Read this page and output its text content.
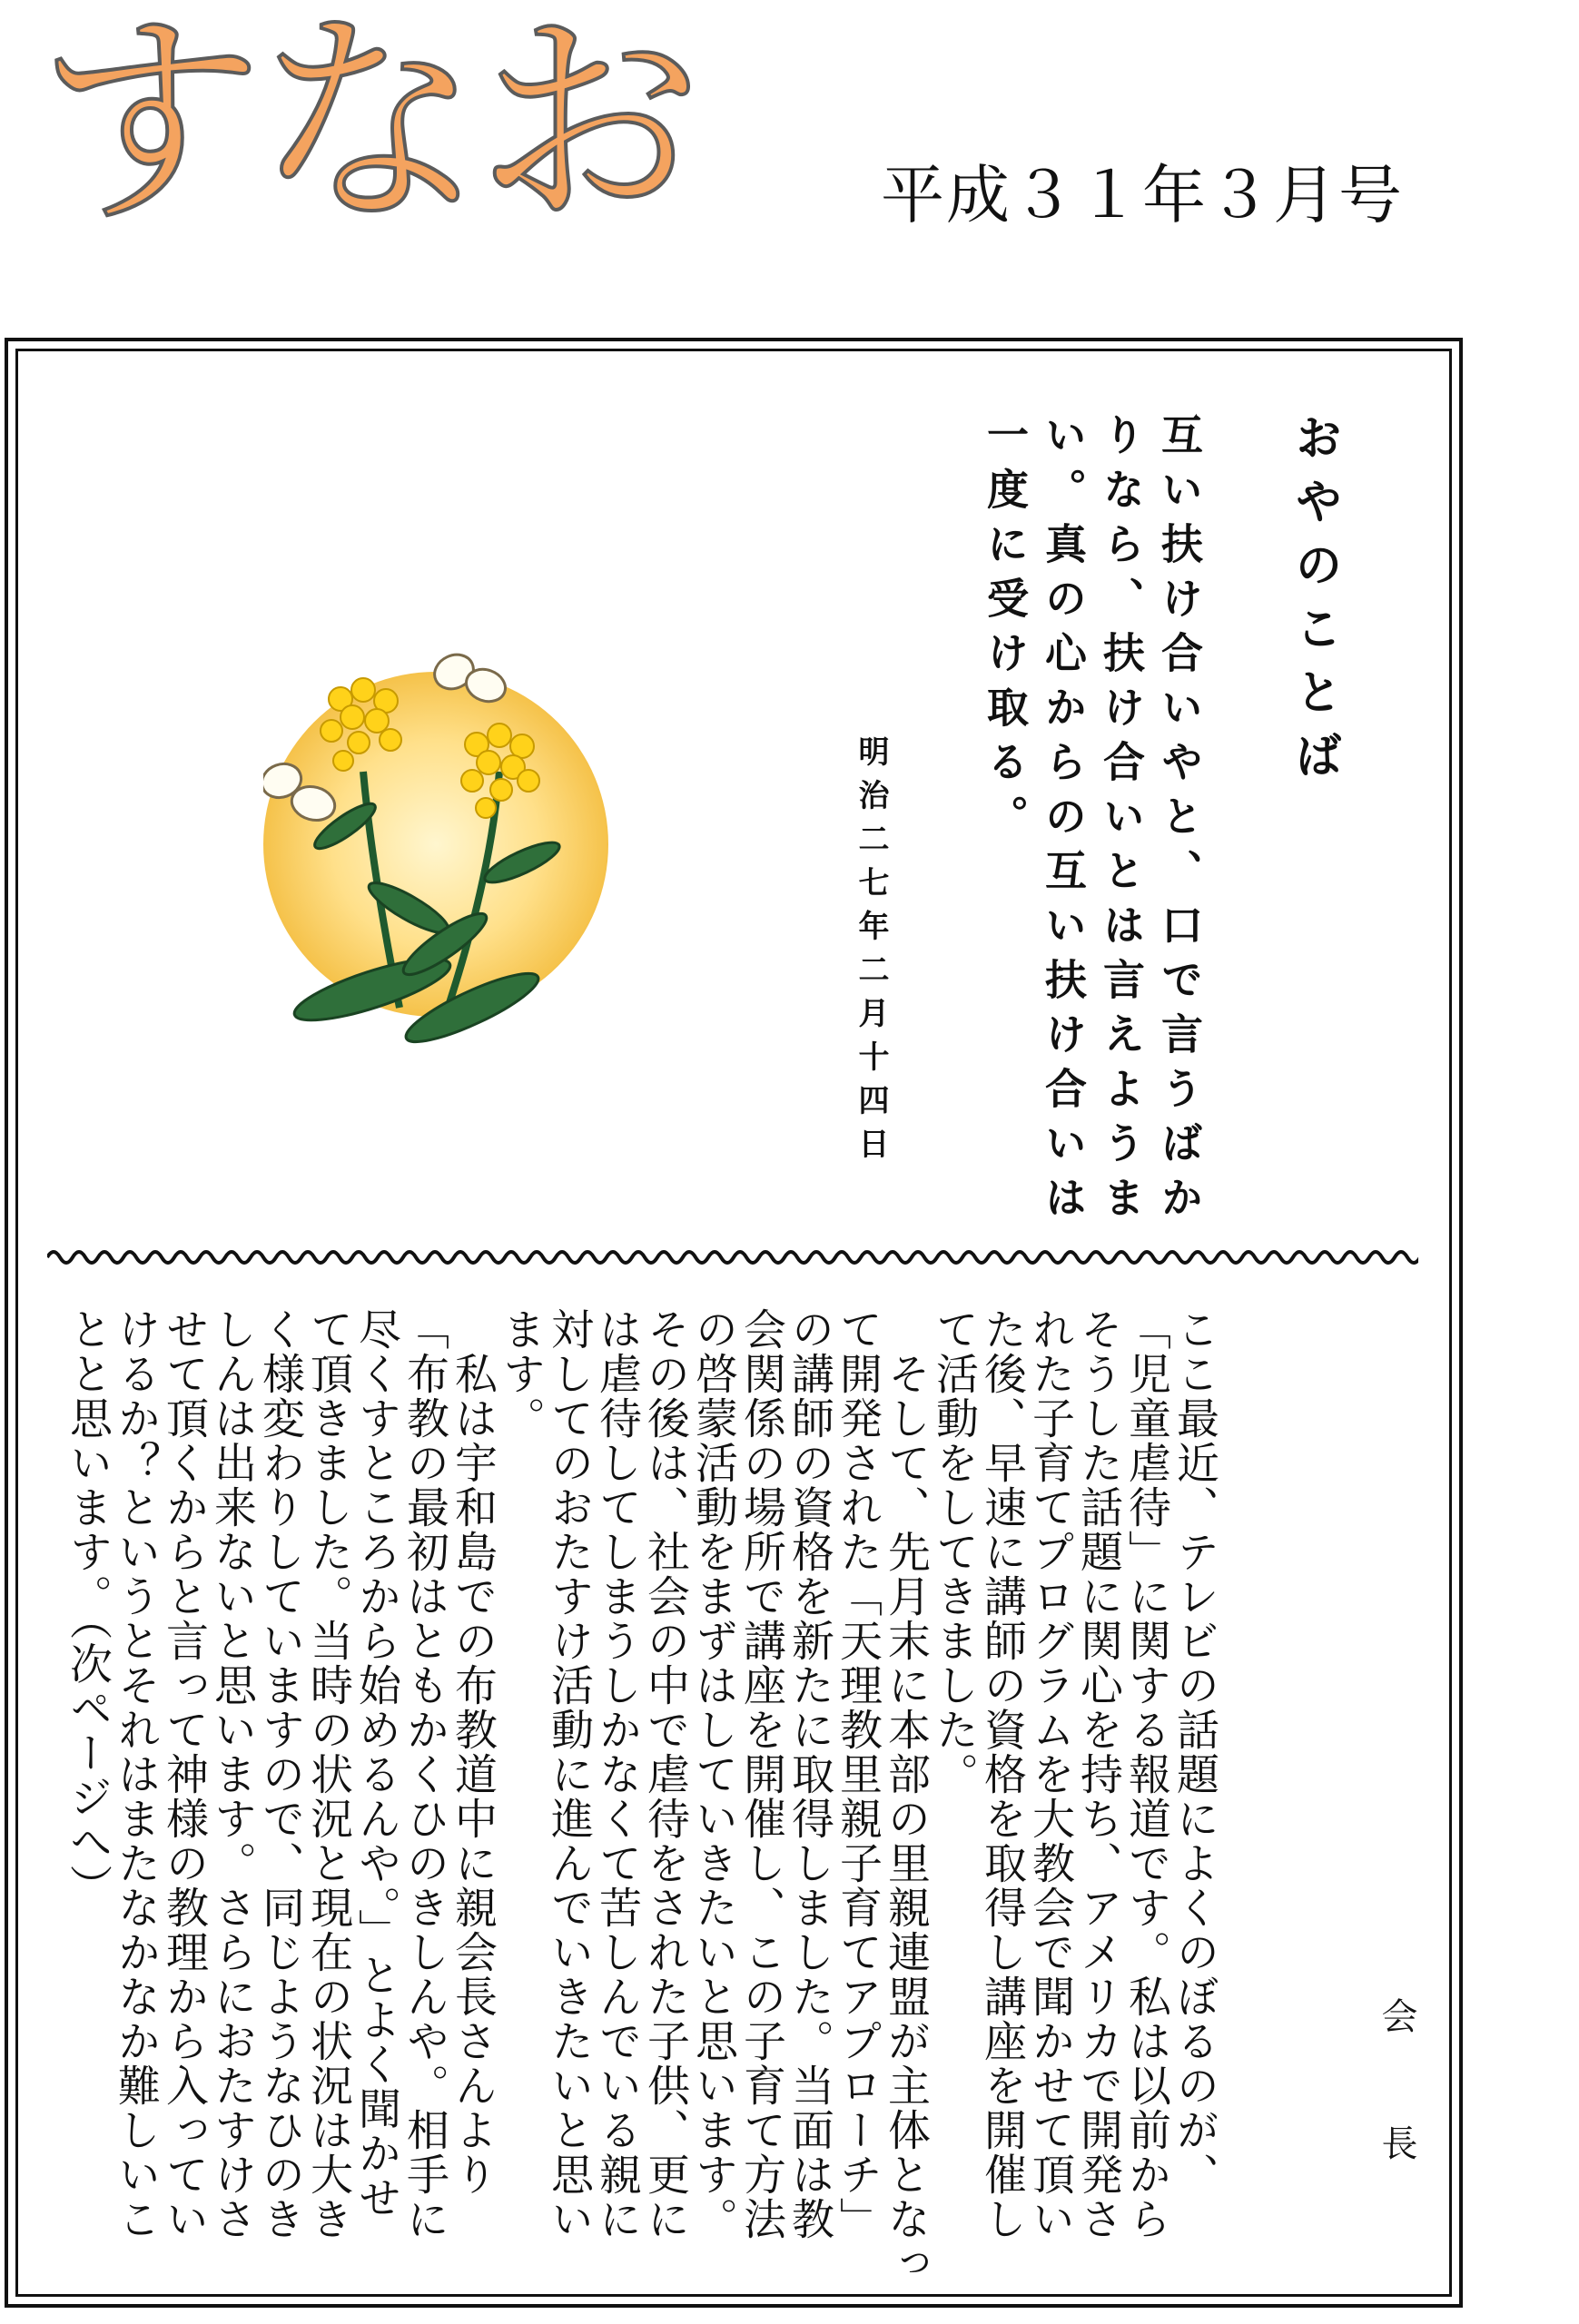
すなお	平成３１年３月号
おやのことば
互い扶け合いやと、口で言うばか
りなら、扶け合いとは言えようま
い。真の心からの互い扶け合いは
一度に受け取る。
明治二七年二月十四日
会　長
ここ最近、テレビの話題によくのぼるのが、
「児童虐待」に関する報道です。私は以前から
そうした話題に関心を持ち、アメリカで開発さ
れた子育てプログラムを大教会で聞かせて頂い
た後、早速に講師の資格を取得し講座を開催し
て活動をしてきました。
　そして、先月末に本部の里親連盟が主体となっ
て開発された「天理教里親子育てアプローチ」
の講師の資格を新たに取得しました。当面は教
会関係の場所で講座を開催し、この子育て方法
の啓蒙活動をまずはしていきたいと思います。
その後は、社会の中で虐待をされた子供、更に
は虐待してしまうしかなくて苦しんでいる親に
対してのおたすけ活動に進んでいきたいと思い
ます。
　私は宇和島での布教道中に親会長さんより
「布教の最初はともかくひのきしんや。相手に
尽くすところから始めるんや。」とよく聞かせ
て頂きました。当時の状況と現在の状況は大き
く様変わりしていますので、同じようなひのき
しんは出来ないと思います。さらにおたすけさ
せて頂くからと言って神様の教理から入ってい
けるか？というとそれはまたなかなか難しいこ
とと思います。（次ページへ）
